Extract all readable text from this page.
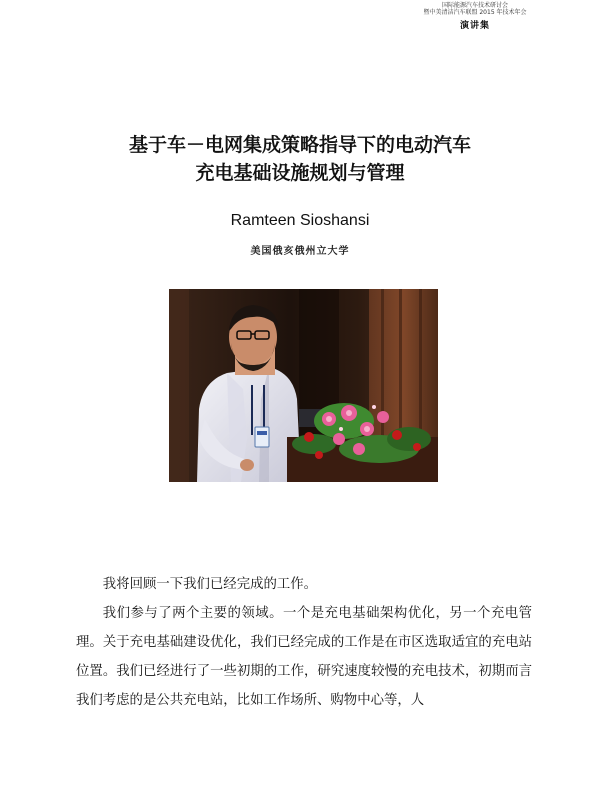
国际能源汽车技术研讨会
暨中美清洁汽车联盟 2015 年技术年会
演讲集
基于车－电网集成策略指导下的电动汽车
充电基础设施规划与管理
Ramteen Sioshansi
美国俄亥俄州立大学

我将回顾一下我们已经完成的工作。

我们参与了两个主要的领域。一个是充电基础架构优化，另一个充电管理。关于充电基础建设优化，我们已经完成的工作是在市区选取适宜的充电站位置。我们已经进行了一些初期的工作，研究速度较慢的充电技术，初期而言我们考虑的是公共充电站，比如工作场所、购物中心等，人
